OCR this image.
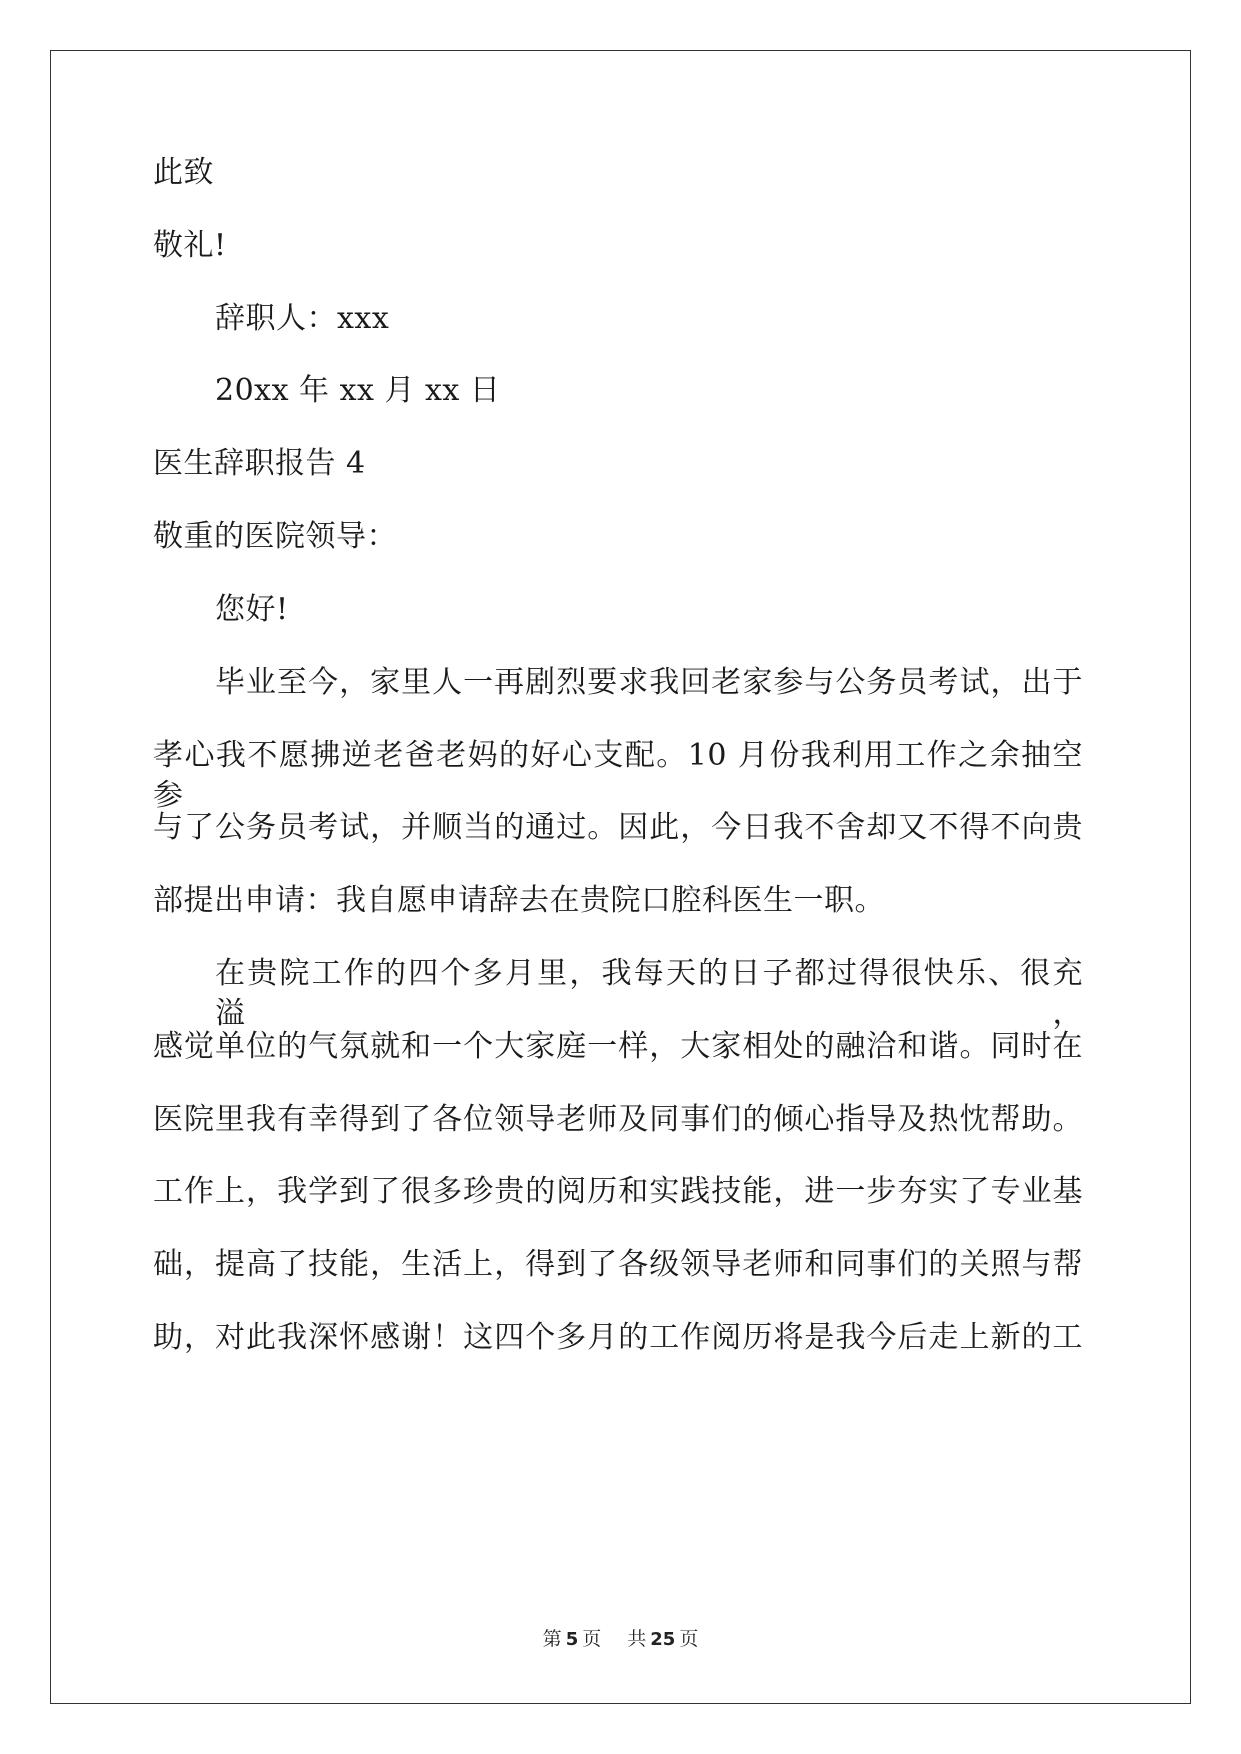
此致
敬礼!
辞职人：xxx
20xx 年 xx 月 xx 日
医生辞职报告 4
敬重的医院领导：
您好!
毕业至今，家里人一再剧烈要求我回老家参与公务员考试，出于
孝心我不愿拂逆老爸老妈的好心支配。10 月份我利用工作之余抽空参
与了公务员考试，并顺当的通过。因此，今日我不舍却又不得不向贵
部提出申请：我自愿申请辞去在贵院口腔科医生一职。
在贵院工作的四个多月里，我每天的日子都过得很快乐、很充溢，
感觉单位的气氛就和一个大家庭一样，大家相处的融洽和谐。同时在
医院里我有幸得到了各位领导老师及同事们的倾心指导及热忱帮助。
工作上，我学到了很多珍贵的阅历和实践技能，进一步夯实了专业基
础，提高了技能，生活上，得到了各级领导老师和同事们的关照与帮
助，对此我深怀感谢！这四个多月的工作阅历将是我今后走上新的工
第 5 页 共 25 页
